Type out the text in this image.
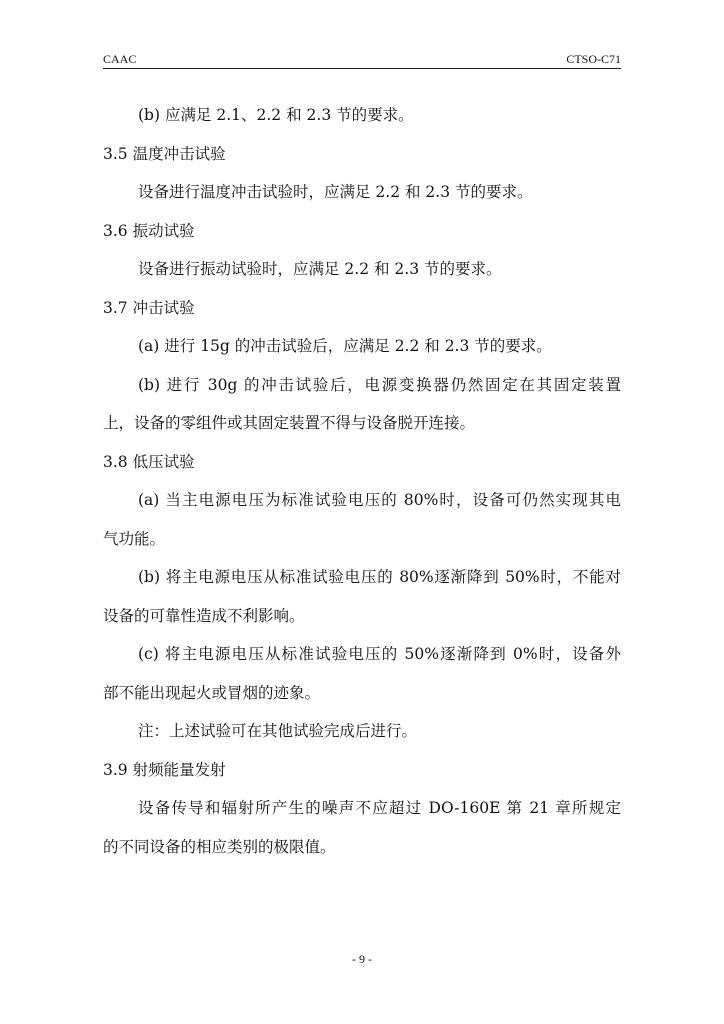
CAAC	CTSO-C71
(b) 应满足 2.1、2.2 和 2.3 节的要求。
3.5 温度冲击试验
设备进行温度冲击试验时，应满足 2.2 和 2.3 节的要求。
3.6 振动试验
设备进行振动试验时，应满足 2.2 和 2.3 节的要求。
3.7 冲击试验
(a) 进行 15g 的冲击试验后，应满足 2.2 和 2.3 节的要求。
(b) 进行 30g 的冲击试验后，电源变换器仍然固定在其固定装置
上，设备的零组件或其固定装置不得与设备脱开连接。
3.8 低压试验
(a) 当主电源电压为标准试验电压的 80%时，设备可仍然实现其电
气功能。
(b) 将主电源电压从标准试验电压的 80%逐渐降到 50%时，不能对
设备的可靠性造成不利影响。
(c) 将主电源电压从标准试验电压的 50%逐渐降到 0%时，设备外
部不能出现起火或冒烟的迹象。
注：上述试验可在其他试验完成后进行。
3.9 射频能量发射
设备传导和辐射所产生的噪声不应超过 DO-160E 第 21 章所规定
的不同设备的相应类别的极限值。
- 9 -
